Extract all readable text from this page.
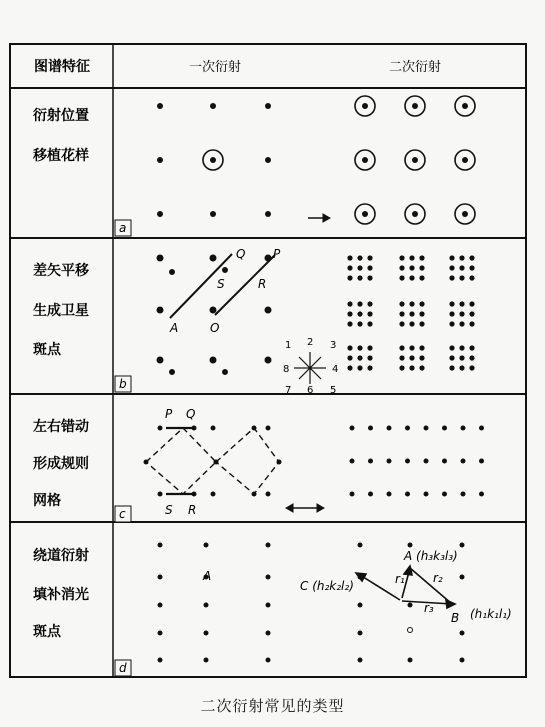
图谱特征	一次衍射	二次衍射
衍射位置
移植花样
差矢平移
生成卫星
斑点
左右错动
形成规则
网格
绕道衍射
填补消光
斑点
a
b
c
d
Q P
S	R
A	O
1 2 3
4
5
6
7
8
P Q
S R
A
A (h₃k₃l₃)
C (h₂k₂l₂)
B (h₁k₁l₁)
r₁ r₂
r₃
二次衍射常见的类型
